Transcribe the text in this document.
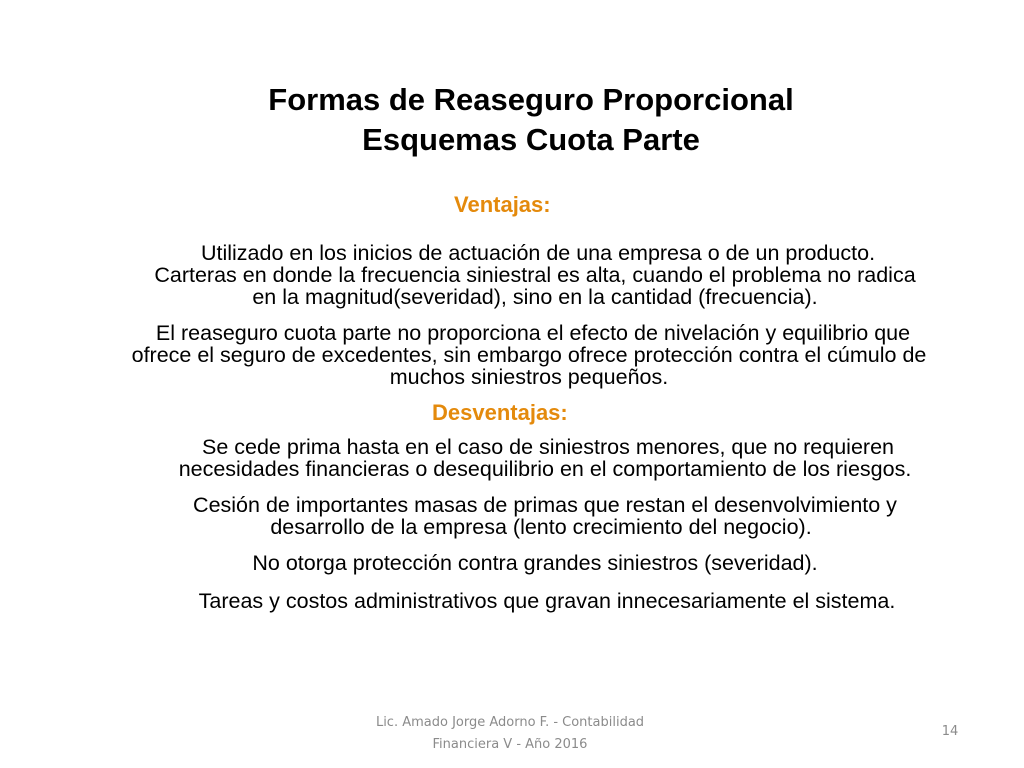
Formas de Reaseguro Proporcional
Esquemas Cuota Parte
Ventajas:
Utilizado en los inicios de actuación de una empresa o de un producto.
Carteras en donde la frecuencia siniestral es alta, cuando el problema no radica
en la magnitud(severidad), sino en la cantidad (frecuencia).
El reaseguro cuota parte no proporciona el efecto de nivelación y equilibrio que
ofrece el seguro de excedentes, sin embargo ofrece protección contra el cúmulo de
muchos siniestros pequeños.
Desventajas:
Se cede prima hasta en el caso de siniestros menores, que no requieren
necesidades financieras o desequilibrio en el comportamiento de los riesgos.
Cesión de importantes masas de primas que restan el desenvolvimiento y
desarrollo de la empresa (lento crecimiento del negocio).
No otorga protección contra grandes siniestros (severidad).
Tareas y costos administrativos que gravan innecesariamente el sistema.
Lic. Amado Jorge Adorno F. - Contabilidad
Financiera V - Año 2016
14
